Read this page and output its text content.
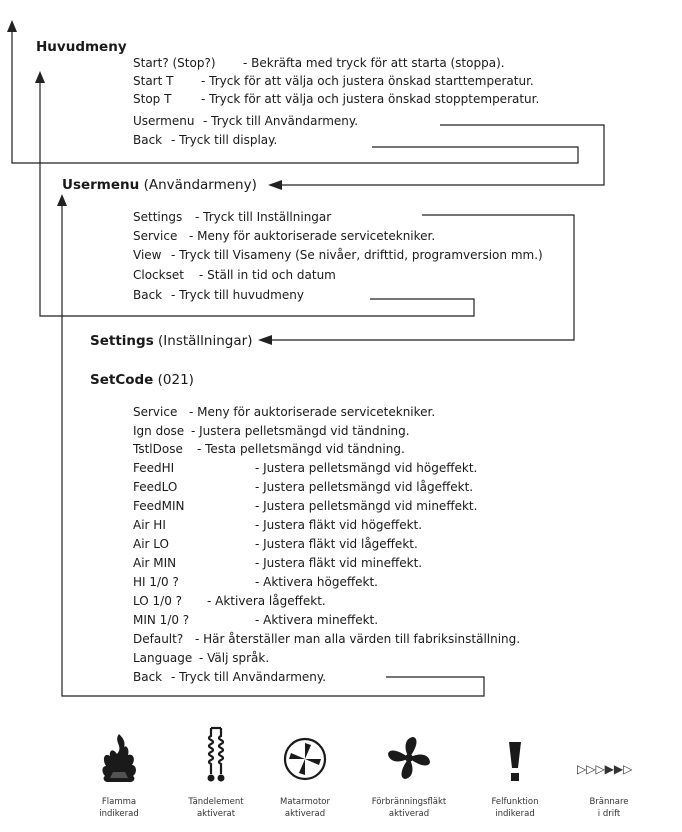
Huvudmeny
Start? (Stop?) - Bekräfta med tryck för att starta (stoppa).
Start T - Tryck för att välja och justera önskad starttemperatur.
Stop T - Tryck för att välja och justera önskad stopptemperatur.
Usermenu - Tryck till Användarmeny.
Back - Tryck till display.
Usermenu (Användarmeny)
Settings - Tryck till Inställningar
Service - Meny för auktoriserade servicetekniker.
View - Tryck till Visameny (Se nivåer, drifttid, programversion mm.)
Clockset - Ställ in tid och datum
Back - Tryck till huvudmeny
Settings (Inställningar)
SetCode (021)
Service - Meny för auktoriserade servicetekniker.
Ign dose - Justera pelletsmängd vid tändning.
TstlDose - Testa pelletsmängd vid tändning.
FeedHI	- Justera pelletsmängd vid högeffekt.
FeedLO	- Justera pelletsmängd vid lågeffekt.
FeedMIN	- Justera pelletsmängd vid mineffekt.
Air HI	- Justera fläkt vid högeffekt.
Air LO	- Justera fläkt vid lågeffekt.
Air MIN	- Justera fläkt vid mineffekt.
HI 1/0 ?	- Aktivera högeffekt.
LO 1/0 ? - Aktivera lågeffekt.
MIN 1/0 ?	- Aktivera mineffekt.
Default? - Här återställer man alla värden till fabriksinställning.
Language - Välj språk.
Back - Tryck till Användarmeny.
▷▷▷▶▶▷
Flamma
indikerad
Tändelement
aktiverat
Matarmotor
aktiverad
Förbränningsfläkt
aktiverad
Felfunktion
indikerad
Brännare
i drift
